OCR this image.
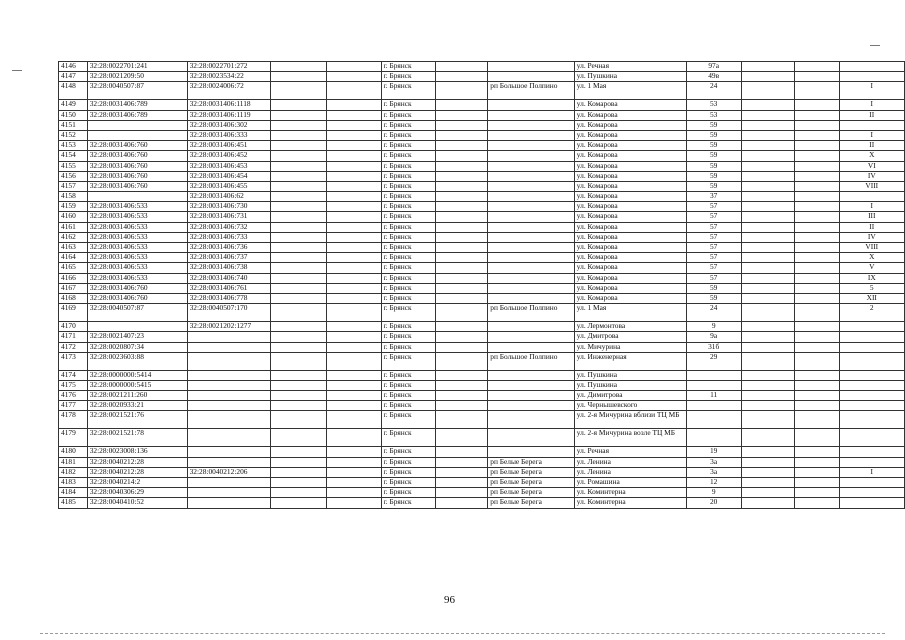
4146	32:28:0022701:241	32:28:0022701:272			г. Брянск			ул. Речная	97а			
4147	32:28:0021209:50	32:28:0023534:22			г. Брянск			ул. Пушкина	49в			
4148	32:28:0040507:87	32:28:0024006:72			г. Брянск		рп Большое Полпино	ул. 1 Мая	24			I
4149	32:28:0031406:789	32:28:0031406:1118			г. Брянск			ул. Комарова	53			I
4150	32:28:0031406:789	32:28:0031406:1119			г. Брянск			ул. Комарова	53			II
4151		32:28:0031406:302			г. Брянск			ул. Комарова	59			
4152		32:28:0031406:333			г. Брянск			ул. Комарова	59			I
4153	32:28:0031406:760	32:28:0031406:451			г. Брянск			ул. Комарова	59			II
4154	32:28:0031406:760	32:28:0031406:452			г. Брянск			ул. Комарова	59			X
4155	32:28:0031406:760	32:28:0031406:453			г. Брянск			ул. Комарова	59			VI
4156	32:28:0031406:760	32:28:0031406:454			г. Брянск			ул. Комарова	59			IV
4157	32:28:0031406:760	32:28:0031406:455			г. Брянск			ул. Комарова	59			VIII
4158		32:28:0031406:62			г. Брянск			ул. Комарова	37			
4159	32:28:0031406:533	32:28:0031406:730			г. Брянск			ул. Комарова	57			I
4160	32:28:0031406:533	32:28:0031406:731			г. Брянск			ул. Комарова	57			III
4161	32:28:0031406:533	32:28:0031406:732			г. Брянск			ул. Комарова	57			II
4162	32:28:0031406:533	32:28:0031406:733			г. Брянск			ул. Комарова	57			IV
4163	32:28:0031406:533	32:28:0031406:736			г. Брянск			ул. Комарова	57			VIII
4164	32:28:0031406:533	32:28:0031406:737			г. Брянск			ул. Комарова	57			X
4165	32:28:0031406:533	32:28:0031406:738			г. Брянск			ул. Комарова	57			V
4166	32:28:0031406:533	32:28:0031406:740			г. Брянск			ул. Комарова	57			IX
4167	32:28:0031406:760	32:28:0031406:761			г. Брянск			ул. Комарова	59			5
4168	32:28:0031406:760	32:28:0031406:778			г. Брянск			ул. Комарова	59			XII
4169	32:28:0040507:87	32:28:0040507:170			г. Брянск		рп Большое Полпино	ул. 1 Мая	24			2
4170		32:28:0021202:1277			г. Брянск			ул. Лермонтова	9			
4171	32:28:0021407:23				г. Брянск			ул. Дмитрова	9а			
4172	32:28:0020807:34				г. Брянск			ул. Мичурина	31б			
4173	32:28:0023603:88				г. Брянск		рп Большое Полпино	ул. Инженерная	29			
4174	32:28:0000000:5414				г. Брянск			ул. Пушкина				
4175	32:28:0000000:5415				г. Брянск			ул. Пушкина				
4176	32:28:0021211:260				г. Брянск			ул. Димитрова	11			
4177	32:28:0020933:21				г. Брянск			ул. Чернышевского				
4178	32:28:0021521:76				г. Брянск			ул. 2-я Мичурина вблизи ТЦ МБ				
4179	32:28:0021521:78				г. Брянск			ул. 2-я Мичурина возле ТЦ МБ				
4180	32:28:0023008:136				г. Брянск			ул. Речная	19			
4181	32:28:0040212:28				г. Брянск		рп Белые Берега	ул. Ленина	3а			
4182	32:28:0040212:28	32:28:0040212:206			г. Брянск		рп Белые Берега	ул. Ленина	3а			I
4183	32:28:0040214:2				г. Брянск		рп Белые Берега	ул. Ромашина	12			
4184	32:28:0040306:29				г. Брянск		рп Белые Берега	ул. Коминтерна	9			
4185	32:28:0040410:52				г. Брянск		рп Белые Берега	ул. Коминтерна	20			
96
